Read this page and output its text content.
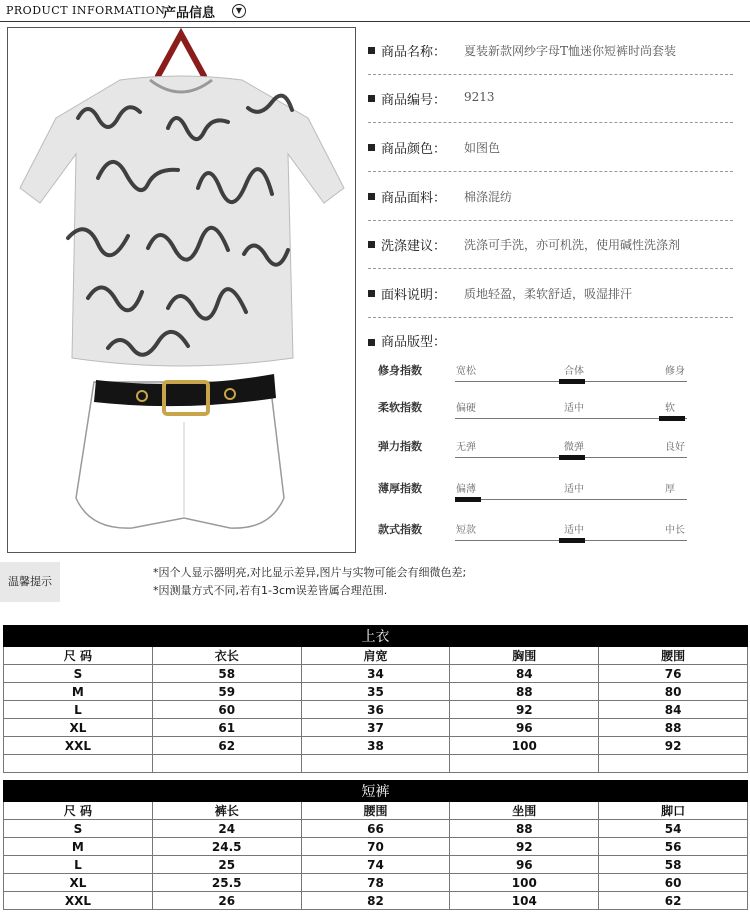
PRODUCT INFORMATION
产品信息	▼
商品名称： 夏装新款网纱字母T恤迷你短裤时尚套装
商品编号： 9213
商品颜色： 如图色
商品面料： 棉涤混纺
洗涤建议： 洗涤可手洗，亦可机洗，使用碱性洗涤剂
面料说明： 质地轻盈，柔软舒适，吸湿排汗
商品版型：
修身指数	宽松	合体	修身
柔软指数	偏硬	适中	软
弹力指数	无弹	微弹	良好
薄厚指数	偏薄	适中	厚
款式指数	短款	适中	中长
温馨提示
*因个人显示器明亮,对比显示差异,图片与实物可能会有细微色差;
*因测量方式不同,若有1-3cm误差皆属合理范围.
上衣				
尺 码	衣长	肩宽	胸围	腰围
S	58	34	84	76
M	59	35	88	80
L	60	36	92	84
XL	61	37	96	88
XXL	62	38	100	92

短裤				
尺 码	裤长	腰围	坐围	脚口
S	24	66	88	54
M	24.5	70	92	56
L	25	74	96	58
XL	25.5	78	100	60
XXL	26	82	104	62
